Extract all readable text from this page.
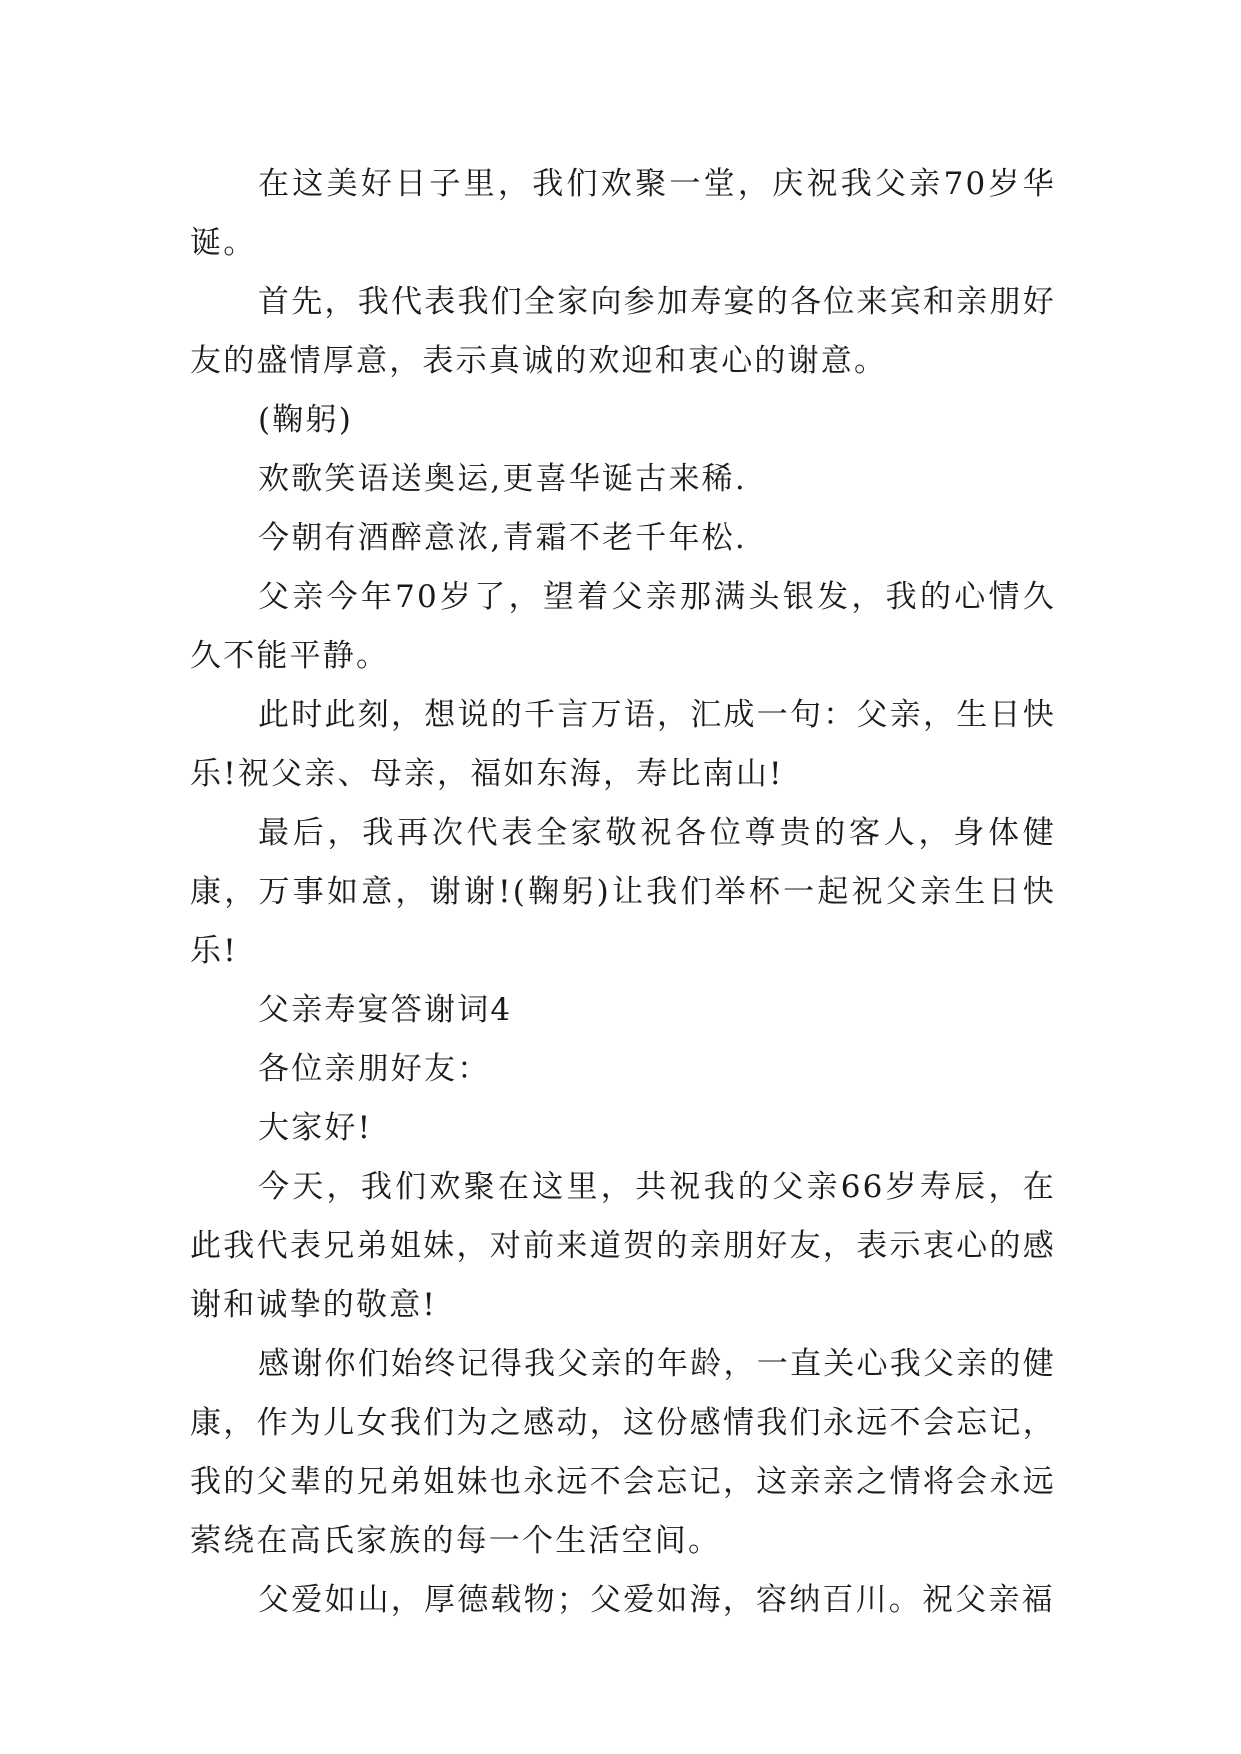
在这美好日子里，我们欢聚一堂，庆祝我父亲70岁华诞。

首先，我代表我们全家向参加寿宴的各位来宾和亲朋好友的盛情厚意，表示真诚的欢迎和衷心的谢意。

(鞠躬)

欢歌笑语送奥运,更喜华诞古来稀.

今朝有酒醉意浓,青霜不老千年松.

父亲今年70岁了，望着父亲那满头银发，我的心情久久不能平静。

此时此刻，想说的千言万语，汇成一句：父亲，生日快乐!祝父亲、母亲，福如东海，寿比南山!

最后，我再次代表全家敬祝各位尊贵的客人，身体健康，万事如意，谢谢!(鞠躬)让我们举杯一起祝父亲生日快乐!

父亲寿宴答谢词4

各位亲朋好友：

大家好!

今天，我们欢聚在这里，共祝我的父亲66岁寿辰，在此我代表兄弟姐妹，对前来道贺的亲朋好友，表示衷心的感谢和诚挚的敬意!

感谢你们始终记得我父亲的年龄，一直关心我父亲的健康，作为儿女我们为之感动，这份感情我们永远不会忘记，我的父辈的兄弟姐妹也永远不会忘记，这亲亲之情将会永远萦绕在高氏家族的每一个生活空间。

父爱如山，厚德载物；父爱如海，容纳百川。祝父亲福
